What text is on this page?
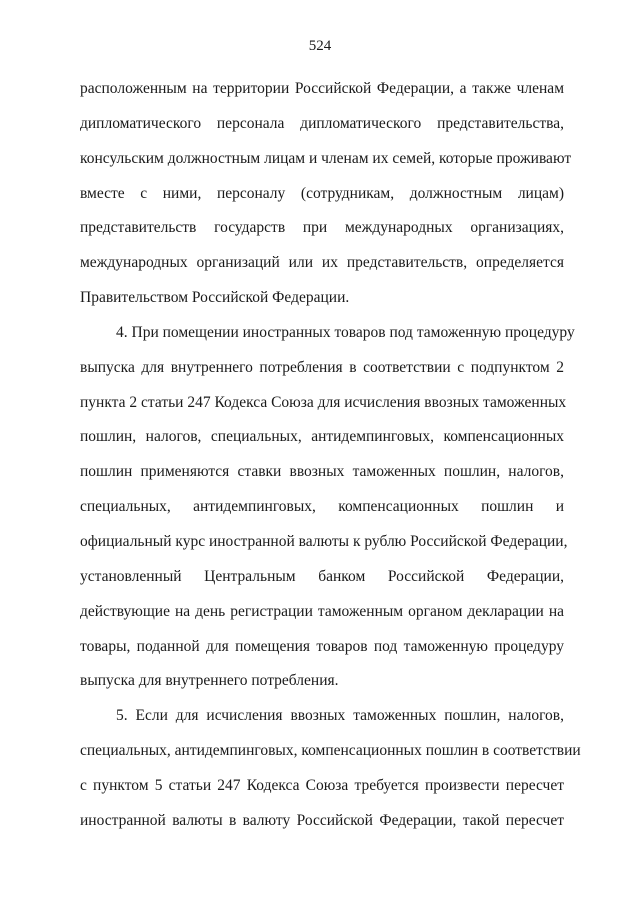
524
расположенным на территории Российской Федерации, а также членам
дипломатического персонала дипломатического представительства,
консульским должностным лицам и членам их семей, которые проживают
вместе с ними, персоналу (сотрудникам, должностным лицам)
представительств государств при международных организациях,
международных организаций или их представительств, определяется
Правительством Российской Федерации.
4. При помещении иностранных товаров под таможенную процедуру
выпуска для внутреннего потребления в соответствии с подпунктом 2
пункта 2 статьи 247 Кодекса Союза для исчисления ввозных таможенных
пошлин, налогов, специальных, антидемпинговых, компенсационных
пошлин применяются ставки ввозных таможенных пошлин, налогов,
специальных, антидемпинговых, компенсационных пошлин и
официальный курс иностранной валюты к рублю Российской Федерации,
установленный Центральным банком Российской Федерации,
действующие на день регистрации таможенным органом декларации на
товары, поданной для помещения товаров под таможенную процедуру
выпуска для внутреннего потребления.
5. Если для исчисления ввозных таможенных пошлин, налогов,
специальных, антидемпинговых, компенсационных пошлин в соответствии
с пунктом 5 статьи 247 Кодекса Союза требуется произвести пересчет
иностранной валюты в валюту Российской Федерации, такой пересчет
